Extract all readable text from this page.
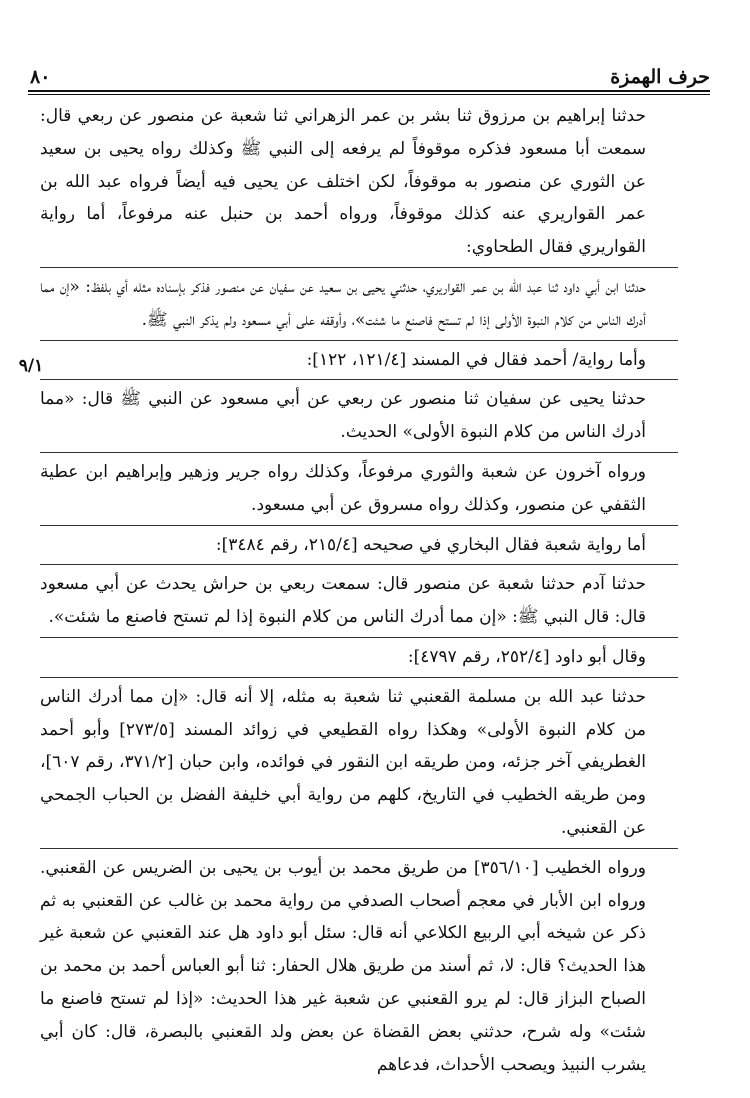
٨٠	حرف الهمزة

حدثنا إبراهيم بن مرزوق ثنا بشر بن عمر الزهراني ثنا شعبة عن منصور عن ربعي قال: سمعت أبا مسعود فذكره موقوفاً لم يرفعه إلى النبي ﷺ وكذلك رواه يحيى بن سعيد عن الثوري عن منصور به موقوفاً، لكن اختلف عن يحيى فيه أيضاً فرواه عبد الله بن عمر القواريري عنه كذلك موقوفاً، ورواه أحمد بن حنبل عنه مرفوعاً، أما رواية القواريري فقال الطحاوي:

حدثنا ابن أبي داود ثنا عبد الله بن عمر القواريري، حدثني يحيى بن سعيد عن سفيان عن منصور فذكر بإسناده مثله أي بلفظ: «إن مما أدرك الناس من كلام النبوة الأولى إذا لم تستح فاصنع ما شئت»، وأوقفه على أبي مسعود ولم يذكر النبي ﷺ.

وأما رواية/ أحمد فقال في المسند [١٢١/٤، ١٢٢]:

حدثنا يحيى عن سفيان ثنا منصور عن ربعي عن أبي مسعود عن النبي ﷺ قال: «مما أدرك الناس من كلام النبوة الأولى» الحديث.

ورواه آخرون عن شعبة والثوري مرفوعاً، وكذلك رواه جرير وزهير وإبراهيم ابن عطية الثقفي عن منصور، وكذلك رواه مسروق عن أبي مسعود.

أما رواية شعبة فقال البخاري في صحيحه [٢١٥/٤، رقم ٣٤٨٤]:

حدثنا آدم حدثنا شعبة عن منصور قال: سمعت ربعي بن حراش يحدث عن أبي مسعود قال: قال النبي ﷺ: «إن مما أدرك الناس من كلام النبوة إذا لم تستح فاصنع ما شئت».

وقال أبو داود [٢٥٢/٤، رقم ٤٧٩٧]:

حدثنا عبد الله بن مسلمة القعنبي ثنا شعبة به مثله، إلا أنه قال: «إن مما أدرك الناس من كلام النبوة الأولى» وهكذا رواه القطيعي في زوائد المسند [٢٧٣/٥] وأبو أحمد الغطريفي آخر جزئه، ومن طريقه ابن النقور في فوائده، وابن حبان [٣٧١/٢، رقم ٦٠٧]، ومن طريقه الخطيب في التاريخ، كلهم من رواية أبي خليفة الفضل بن الحباب الجمحي عن القعنبي.

ورواه الخطيب [٣٥٦/١٠] من طريق محمد بن أيوب بن يحيى بن الضريس عن القعنبي. ورواه ابن الأبار في معجم أصحاب الصدفي من رواية محمد بن غالب عن القعنبي به ثم ذكر عن شيخه أبي الربيع الكلاعي أنه قال: سئل أبو داود هل عند القعنبي عن شعبة غير هذا الحديث؟ قال: لا، ثم أسند من طريق هلال الحفار: ثنا أبو العباس أحمد بن محمد بن الصباح البزاز قال: لم يرو القعنبي عن شعبة غير هذا الحديث: «إذا لم تستح فاصنع ما شئت» وله شرح، حدثني بعض القضاة عن بعض ولد القعنبي بالبصرة، قال: كان أبي يشرب النبيذ ويصحب الأحداث، فدعاهم

٩/١
